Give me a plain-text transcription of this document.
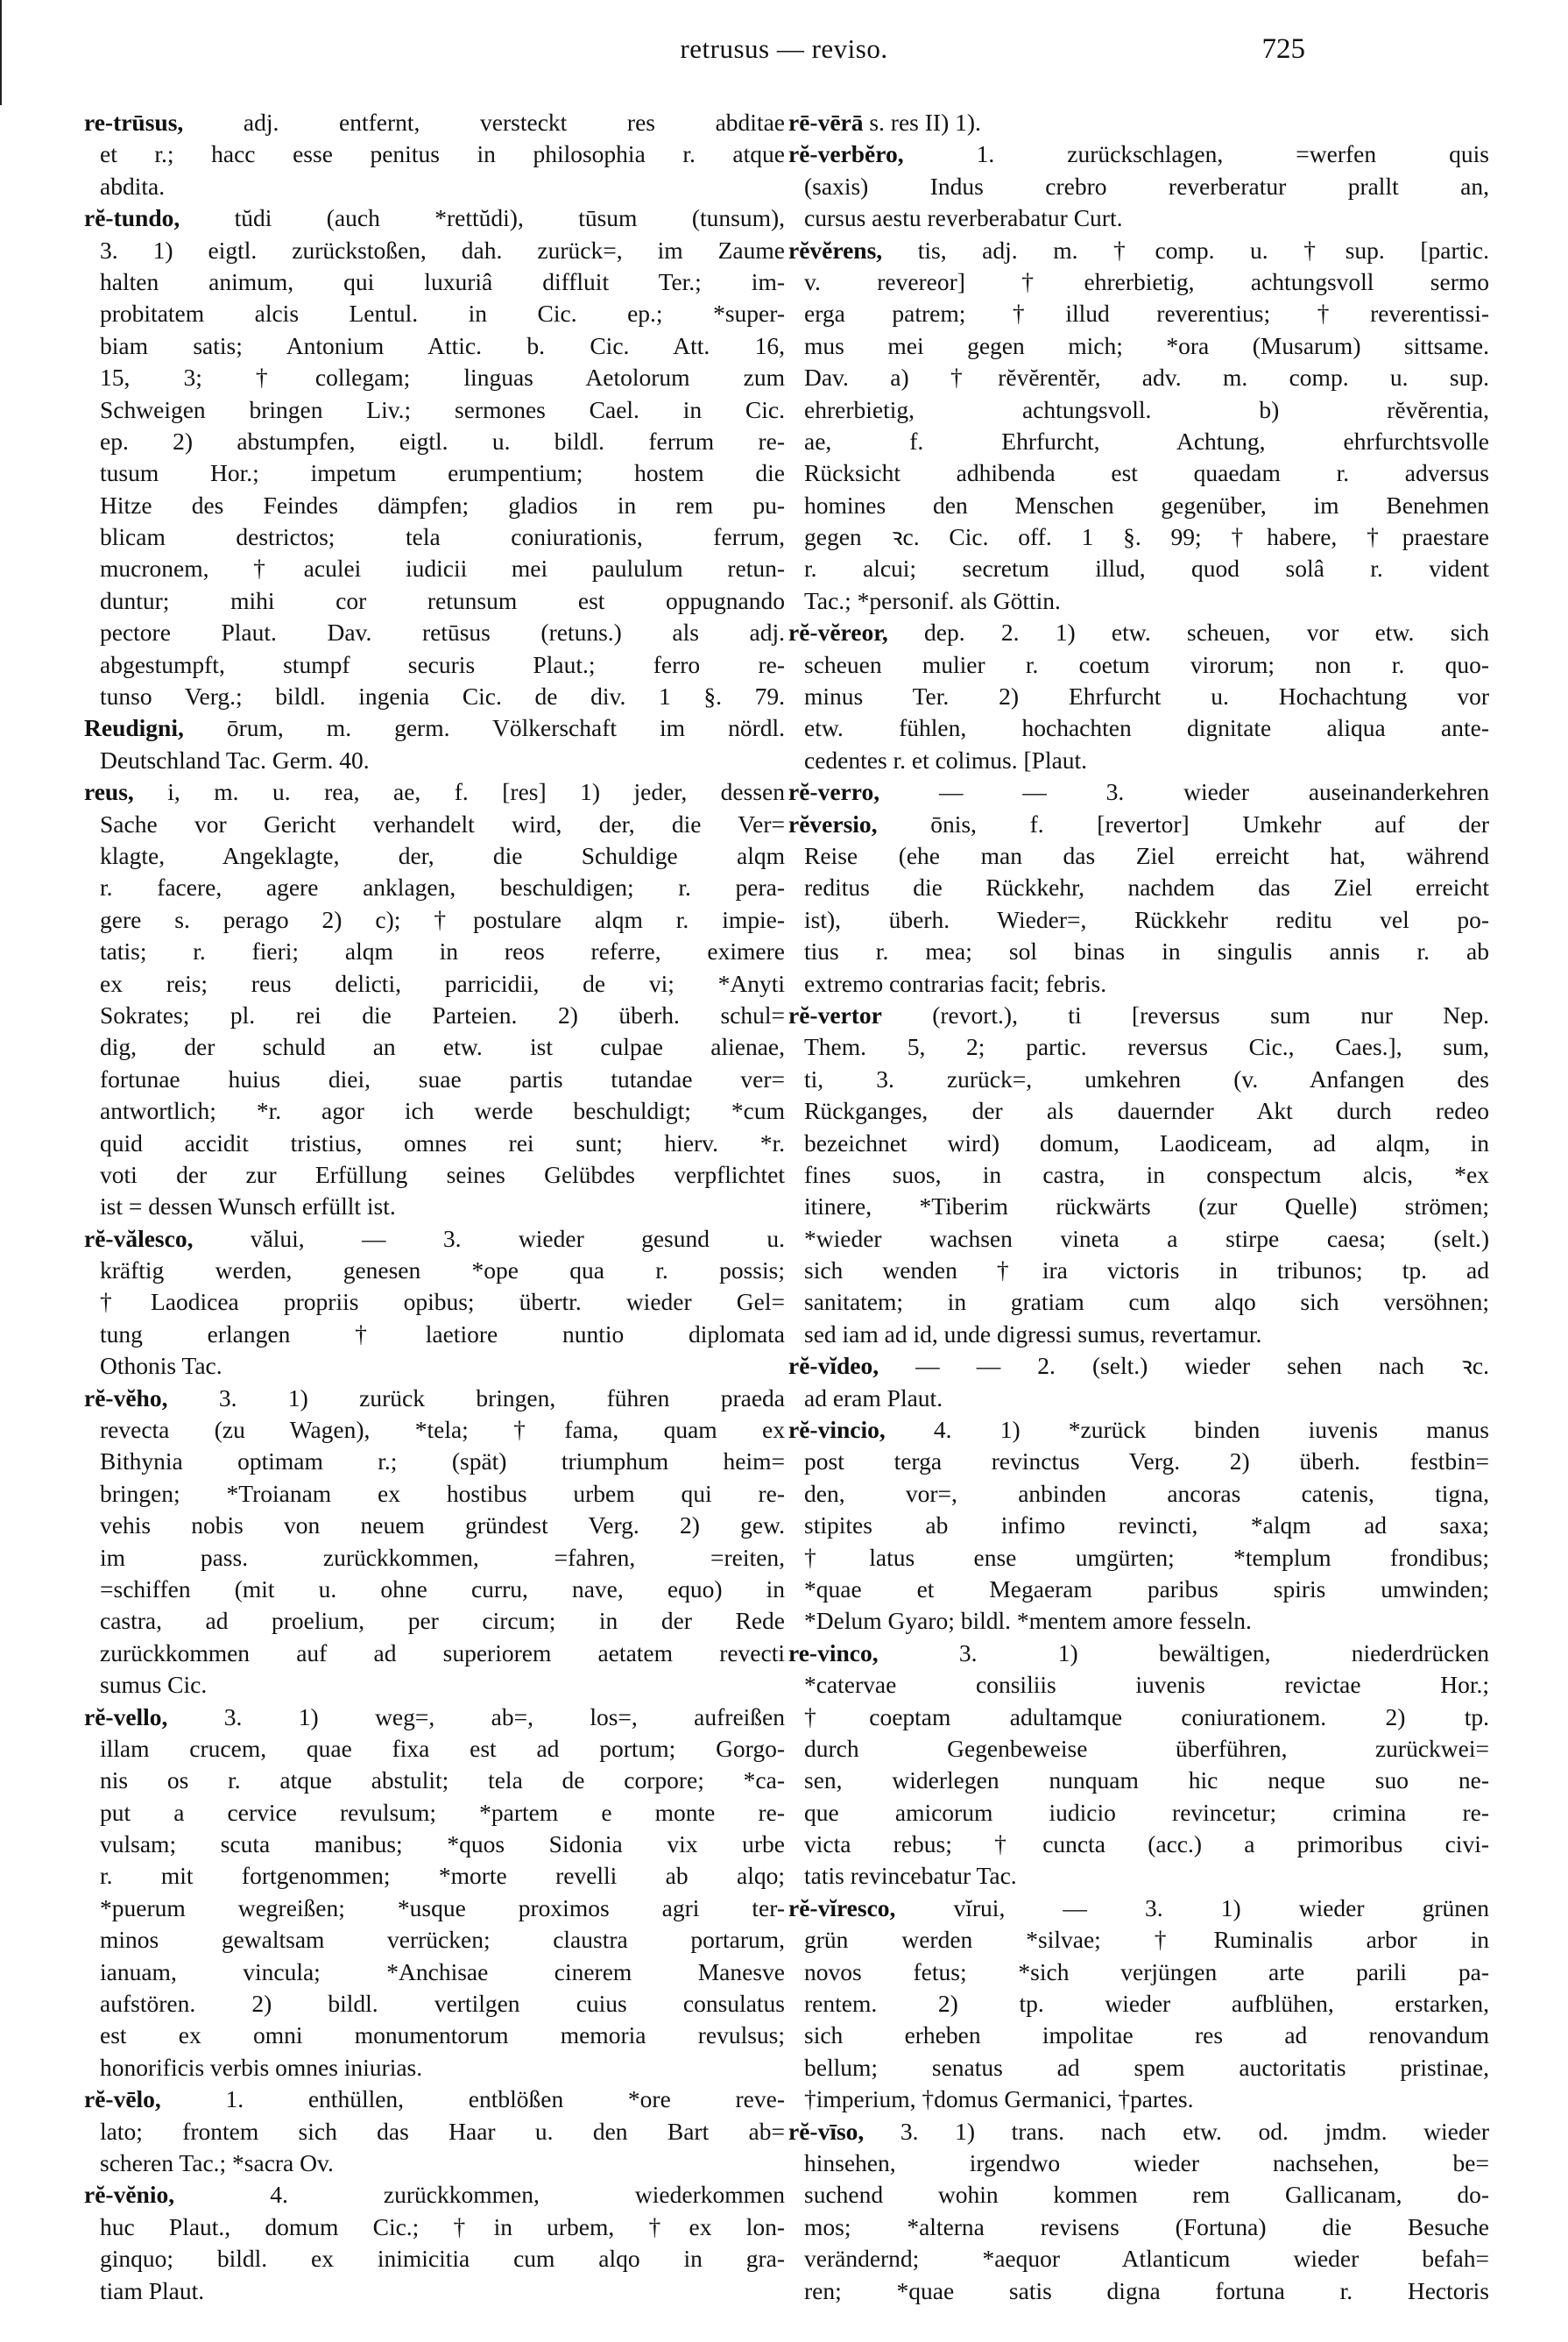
retrusus — reviso.	725
re-trūsus, adj. entfernt, versteckt res abditae
et r.; hacc esse penitus in philosophia r. atque
abdita.
rĕ-tundo, tŭdi (auch *rettŭdi), tūsum (tunsum),
3. 1) eigtl. zurückstoßen, dah. zurück=, im Zaume
halten animum, qui luxuriâ diffluit Ter.; im-
probitatem alcis Lentul. in Cic. ep.; *super-
biam satis; Antonium Attic. b. Cic. Att. 16,
15, 3; †collegam; linguas Aetolorum zum
Schweigen bringen Liv.; sermones Cael. in Cic.
ep. 2) abstumpfen, eigtl. u. bildl. ferrum re-
tusum Hor.; impetum erumpentium; hostem die
Hitze des Feindes dämpfen; gladios in rem pu-
blicam destrictos; tela coniurationis, ferrum,
mucronem, †aculei iudicii mei paululum retun-
duntur; mihi cor retunsum est oppugnando
pectore Plaut. Dav. retūsus (retuns.) als adj.
abgestumpft, stumpf securis Plaut.; ferro re-
tunso Verg.; bildl. ingenia Cic. de div. 1 §. 79.
Reudigni, ōrum, m. germ. Völkerschaft im nördl.
Deutschland Tac. Germ. 40.
reus, i, m. u. rea, ae, f. [res] 1) jeder, dessen
Sache vor Gericht verhandelt wird, der, die Ver=
klagte, Angeklagte, der, die Schuldige alqm
r. facere, agere anklagen, beschuldigen; r. pera-
gere s. perago 2) c); †postulare alqm r. impie-
tatis; r. fieri; alqm in reos referre, eximere
ex reis; reus delicti, parricidii, de vi; *Anyti
Sokrates; pl. rei die Parteien. 2) überh. schul=
dig, der schuld an etw. ist culpae alienae,
fortunae huius diei, suae partis tutandae ver=
antwortlich; *r. agor ich werde beschuldigt; *cum
quid accidit tristius, omnes rei sunt; hierv. *r.
voti der zur Erfüllung seines Gelübdes verpflichtet
ist = dessen Wunsch erfüllt ist.
rĕ-vălesco, vălui, — 3. wieder gesund u.
kräftig werden, genesen *ope qua r. possis;
†Laodicea propriis opibus; übertr. wieder Gel=
tung erlangen †laetiore nuntio diplomata
Othonis Tac.
rĕ-vĕho, 3. 1) zurück bringen, führen praeda
revecta (zu Wagen), *tela; †fama, quam ex
Bithynia optimam r.; (spät) triumphum heim=
bringen; *Troianam ex hostibus urbem qui re-
vehis nobis von neuem gründest Verg. 2) gew.
im pass. zurückkommen, =fahren, =reiten,
=schiffen (mit u. ohne curru, nave, equo) in
castra, ad proelium, per circum; in der Rede
zurückkommen auf ad superiorem aetatem revecti
sumus Cic.
rĕ-vello, 3. 1) weg=, ab=, los=, aufreißen
illam crucem, quae fixa est ad portum; Gorgo-
nis os r. atque abstulit; tela de corpore; *ca-
put a cervice revulsum; *partem e monte re-
vulsam; scuta manibus; *quos Sidonia vix urbe
r. mit fortgenommen; *morte revelli ab alqo;
*puerum wegreißen; *usque proximos agri ter-
minos gewaltsam verrücken; claustra portarum,
ianuam, vincula; *Anchisae cinerem Manesve
aufstören. 2) bildl. vertilgen cuius consulatus
est ex omni monumentorum memoria revulsus;
honorificis verbis omnes iniurias.
rĕ-vēlo, 1. enthüllen, entblößen *ore reve-
lato; frontem sich das Haar u. den Bart ab=
scheren Tac.; *sacra Ov.
rĕ-vĕnio, 4. zurückkommen, wiederkommen
huc Plaut., domum Cic.; †in urbem, †ex lon-
ginquo; bildl. ex inimicitia cum alqo in gra-
tiam Plaut.
rē-vērā s. res II) 1).
rĕ-verbĕro, 1. zurückschlagen, =werfen quis
(saxis) Indus crebro reverberatur prallt an,
cursus aestu reverberabatur Curt.
rĕvĕrens, tis, adj. m. †comp. u. †sup. [partic.
v. revereor] †ehrerbietig, achtungsvoll sermo
erga patrem; †illud reverentius; †reverentissi-
mus mei gegen mich; *ora (Musarum) sittsame.
Dav. a) †rĕvĕrentĕr, adv. m. comp. u. sup.
ehrerbietig, achtungsvoll. b) rĕvĕrentia,
ae, f. Ehrfurcht, Achtung, ehrfurchtsvolle
Rücksicht adhibenda est quaedam r. adversus
homines den Menschen gegenüber, im Benehmen
gegen ꝛc. Cic. off. 1 §. 99; †habere, †praestare
r. alcui; secretum illud, quod solâ r. vident
Tac.; *personif. als Göttin.
rĕ-vĕreor, dep. 2. 1) etw. scheuen, vor etw. sich
scheuen mulier r. coetum virorum; non r. quo-
minus Ter. 2) Ehrfurcht u. Hochachtung vor
etw. fühlen, hochachten dignitate aliqua ante-
cedentes r. et colimus. [Plaut.
rĕ-verro, — — 3. wieder auseinanderkehren
rĕversio, ōnis, f. [revertor] Umkehr auf der
Reise (ehe man das Ziel erreicht hat, während
reditus die Rückkehr, nachdem das Ziel erreicht
ist), überh. Wieder=, Rückkehr reditu vel po-
tius r. mea; sol binas in singulis annis r. ab
extremo contrarias facit; febris.
rĕ-vertor (revort.), ti [reversus sum nur Nep.
Them. 5, 2; partic. reversus Cic., Caes.], sum,
ti, 3. zurück=, umkehren (v. Anfangen des
Rückganges, der als dauernder Akt durch redeo
bezeichnet wird) domum, Laodiceam, ad alqm, in
fines suos, in castra, in conspectum alcis, *ex
itinere, *Tiberim rückwärts (zur Quelle) strömen;
*wieder wachsen vineta a stirpe caesa; (selt.)
sich wenden †ira victoris in tribunos; tp. ad
sanitatem; in gratiam cum alqo sich versöhnen;
sed iam ad id, unde digressi sumus, revertamur.
rĕ-vĭdeo, — — 2. (selt.) wieder sehen nach ꝛc.
ad eram Plaut.
rĕ-vincio, 4. 1) *zurück binden iuvenis manus
post terga revinctus Verg. 2) überh. festbin=
den, vor=, anbinden ancoras catenis, tigna,
stipites ab infimo revincti, *alqm ad saxa;
†latus ense umgürten; *templum frondibus;
*quae et Megaeram paribus spiris umwinden;
*Delum Gyaro; bildl. *mentem amore fesseln.
re-vinco, 3. 1) bewältigen, niederdrücken
*catervae consiliis iuvenis revictae Hor.;
†coeptam adultamque coniurationem. 2) tp.
durch Gegenbeweise überführen, zurückwei=
sen, widerlegen nunquam hic neque suo ne-
que amicorum iudicio revincetur; crimina re-
victa rebus; †cuncta (acc.) a primoribus civi-
tatis revincebatur Tac.
rĕ-vĭresco, vĭrui, — 3. 1) wieder grünen
grün werden *silvae; †Ruminalis arbor in
novos fetus; *sich verjüngen arte parili pa-
rentem. 2) tp. wieder aufblühen, erstarken,
sich erheben impolitae res ad renovandum
bellum; senatus ad spem auctoritatis pristinae,
†imperium, †domus Germanici, †partes.
rĕ-vīso, 3. 1) trans. nach etw. od. jmdm. wieder
hinsehen, irgendwo wieder nachsehen, be=
suchend wohin kommen rem Gallicanam, do-
mos; *alterna revisens (Fortuna) die Besuche
verändernd; *aequor Atlanticum wieder befah=
ren; *quae satis digna fortuna r. Hectoris
